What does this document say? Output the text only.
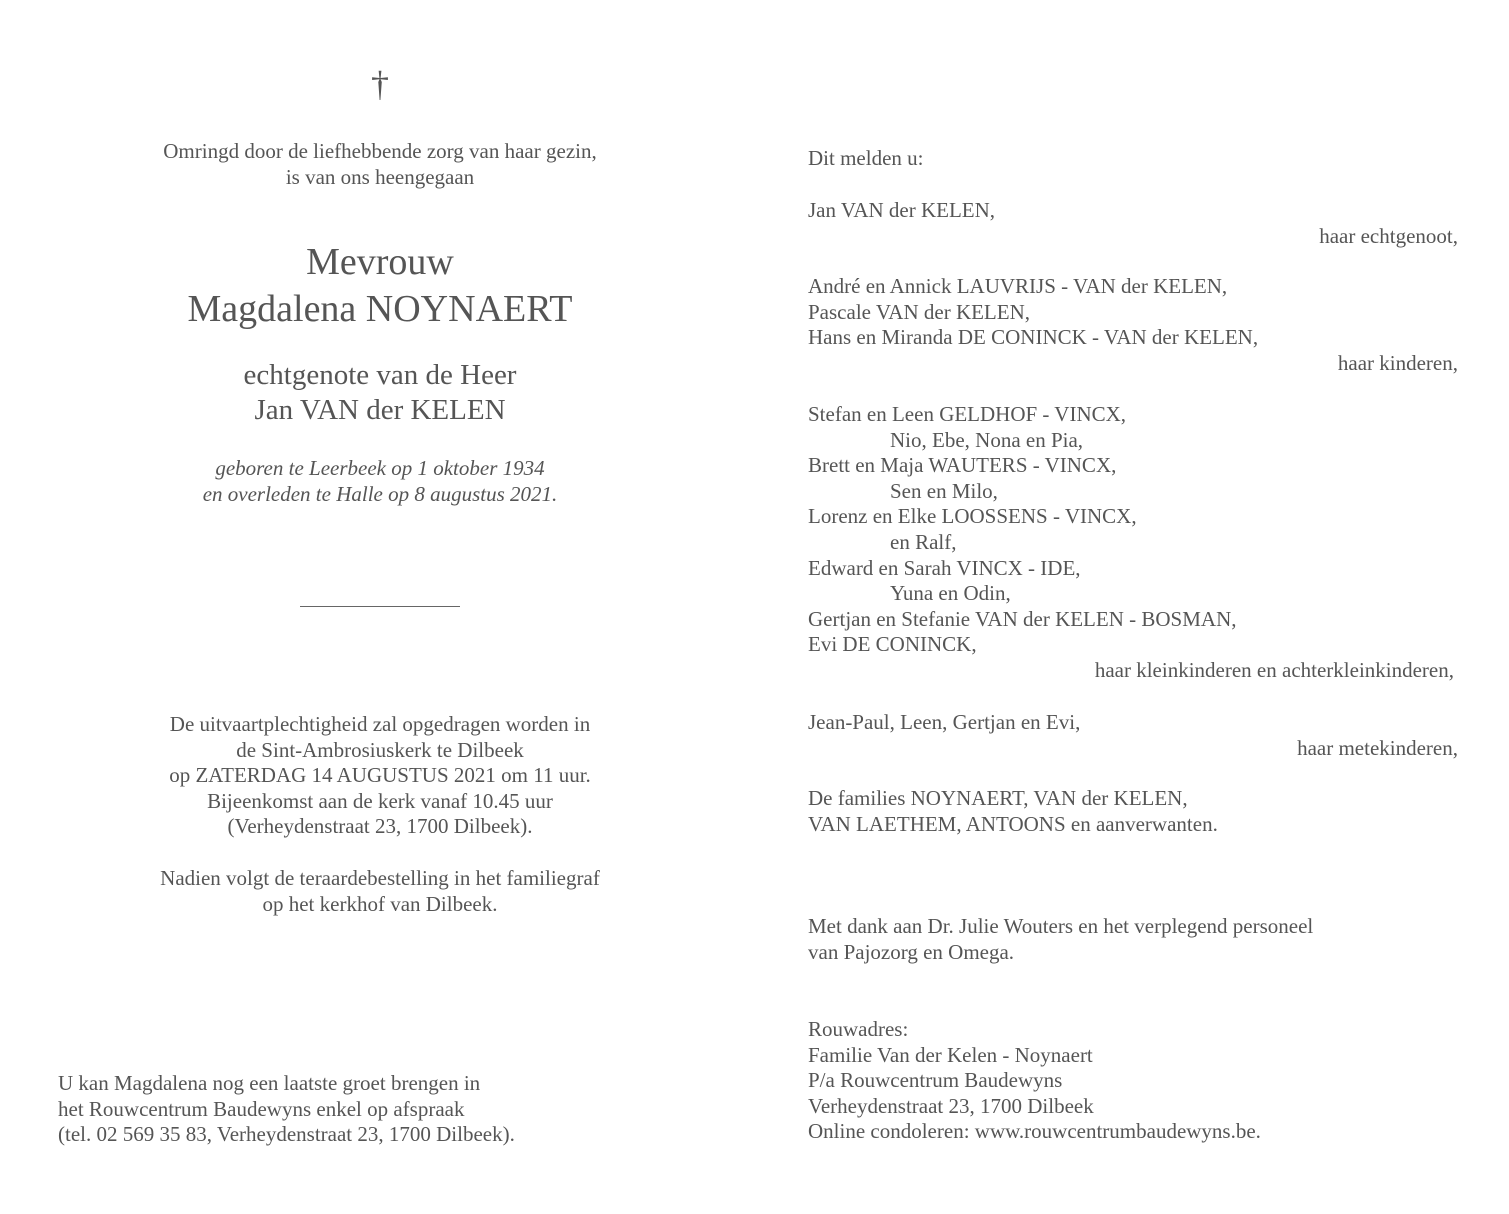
†
Omringd door de liefhebbende zorg van haar gezin,
is van ons heengegaan
Mevrouw
Magdalena NOYNAERT
echtgenote van de Heer
Jan VAN der KELEN
geboren te Leerbeek op 1 oktober 1934
en overleden te Halle op 8 augustus 2021.
De uitvaartplechtigheid zal opgedragen worden in
de Sint-Ambrosiuskerk te Dilbeek
op ZATERDAG 14 AUGUSTUS 2021 om 11 uur.
Bijeenkomst aan de kerk vanaf 10.45 uur
(Verheydenstraat 23, 1700 Dilbeek).
Nadien volgt de teraardebestelling in het familiegraf
op het kerkhof van Dilbeek.
U kan Magdalena nog een laatste groet brengen in
het Rouwcentrum Baudewyns enkel op afspraak
(tel. 02 569 35 83, Verheydenstraat 23, 1700 Dilbeek).
Dit melden u:
Jan VAN der KELEN,
haar echtgenoot,
André en Annick LAUVRIJS - VAN der KELEN,
Pascale VAN der KELEN,
Hans en Miranda DE CONINCK - VAN der KELEN,
haar kinderen,
Stefan en Leen GELDHOF - VINCX,
Nio, Ebe, Nona en Pia,
Brett en Maja WAUTERS - VINCX,
Sen en Milo,
Lorenz en Elke LOOSSENS - VINCX,
en Ralf,
Edward en Sarah VINCX - IDE,
Yuna en Odin,
Gertjan en Stefanie VAN der KELEN - BOSMAN,
Evi DE CONINCK,
haar kleinkinderen en achterkleinkinderen,
Jean-Paul, Leen, Gertjan en Evi,
haar metekinderen,
De families NOYNAERT, VAN der KELEN,
VAN LAETHEM, ANTOONS en aanverwanten.
Met dank aan Dr. Julie Wouters en het verplegend personeel
van Pajozorg en Omega.
Rouwadres:
Familie Van der Kelen - Noynaert
P/a Rouwcentrum Baudewyns
Verheydenstraat 23, 1700 Dilbeek
Online condoleren: www.rouwcentrumbaudewyns.be.
